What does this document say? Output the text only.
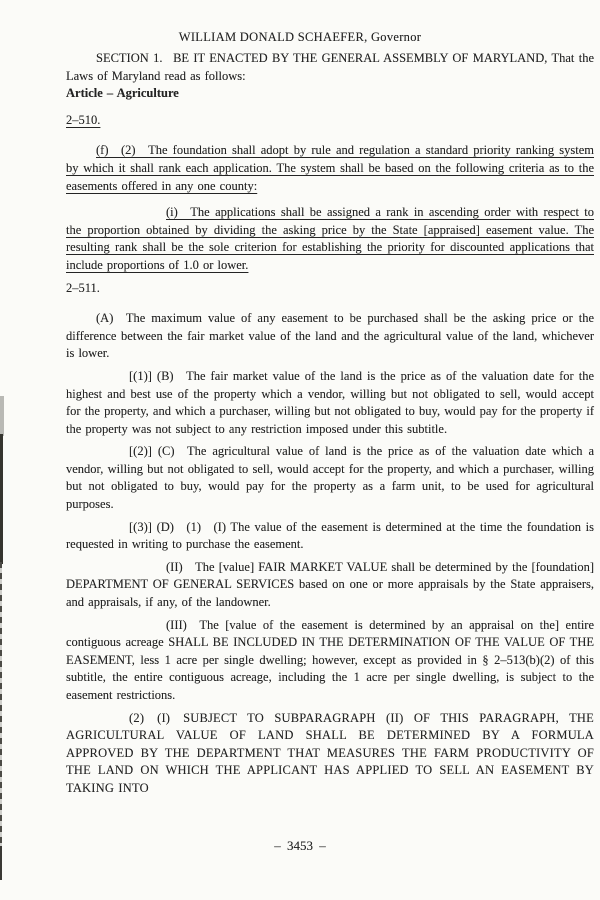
WILLIAM DONALD SCHAEFER, Governor

SECTION 1.  BE IT ENACTED BY THE GENERAL ASSEMBLY OF MARYLAND, That the Laws of Maryland read as follows:

Article – Agriculture

2–510.

(f)  (2)  The foundation shall adopt by rule and regulation a standard priority ranking system by which it shall rank each application. The system shall be based on the following criteria as to the easements offered in any one county:

(i)  The applications shall be assigned a rank in ascending order with respect to the proportion obtained by dividing the asking price by the State [appraised] easement value. The resulting rank shall be the sole criterion for establishing the priority for discounted applications that include proportions of 1.0 or lower.

2–511.

(A)  The maximum value of any easement to be purchased shall be the asking price or the difference between the fair market value of the land and the agricultural value of the land, whichever is lower.

[(1)] (B)  The fair market value of the land is the price as of the valuation date for the highest and best use of the property which a vendor, willing but not obligated to sell, would accept for the property, and which a purchaser, willing but not obligated to buy, would pay for the property if the property was not subject to any restriction imposed under this subtitle.

[(2)] (C)  The agricultural value of land is the price as of the valuation date which a vendor, willing but not obligated to sell, would accept for the property, and which a purchaser, willing but not obligated to buy, would pay for the property as a farm unit, to be used for agricultural purposes.

[(3)] (D)  (1)  (I) The value of the easement is determined at the time the foundation is requested in writing to purchase the easement.

(II)  The [value] FAIR MARKET VALUE shall be determined by the [foundation] DEPARTMENT OF GENERAL SERVICES based on one or more appraisals by the State appraisers, and appraisals, if any, of the landowner.

(III)  The [value of the easement is determined by an appraisal on the] entire contiguous acreage SHALL BE INCLUDED IN THE DETERMINATION OF THE VALUE OF THE EASEMENT, less 1 acre per single dwelling; however, except as provided in § 2–513(b)(2) of this subtitle, the entire contiguous acreage, including the 1 acre per single dwelling, is subject to the easement restrictions.

(2)  (I)  SUBJECT TO SUBPARAGRAPH (II) OF THIS PARAGRAPH, THE AGRICULTURAL VALUE OF LAND SHALL BE DETERMINED BY A FORMULA APPROVED BY THE DEPARTMENT THAT MEASURES THE FARM PRODUCTIVITY OF THE LAND ON WHICH THE APPLICANT HAS APPLIED TO SELL AN EASEMENT BY TAKING INTO

– 3453 –
